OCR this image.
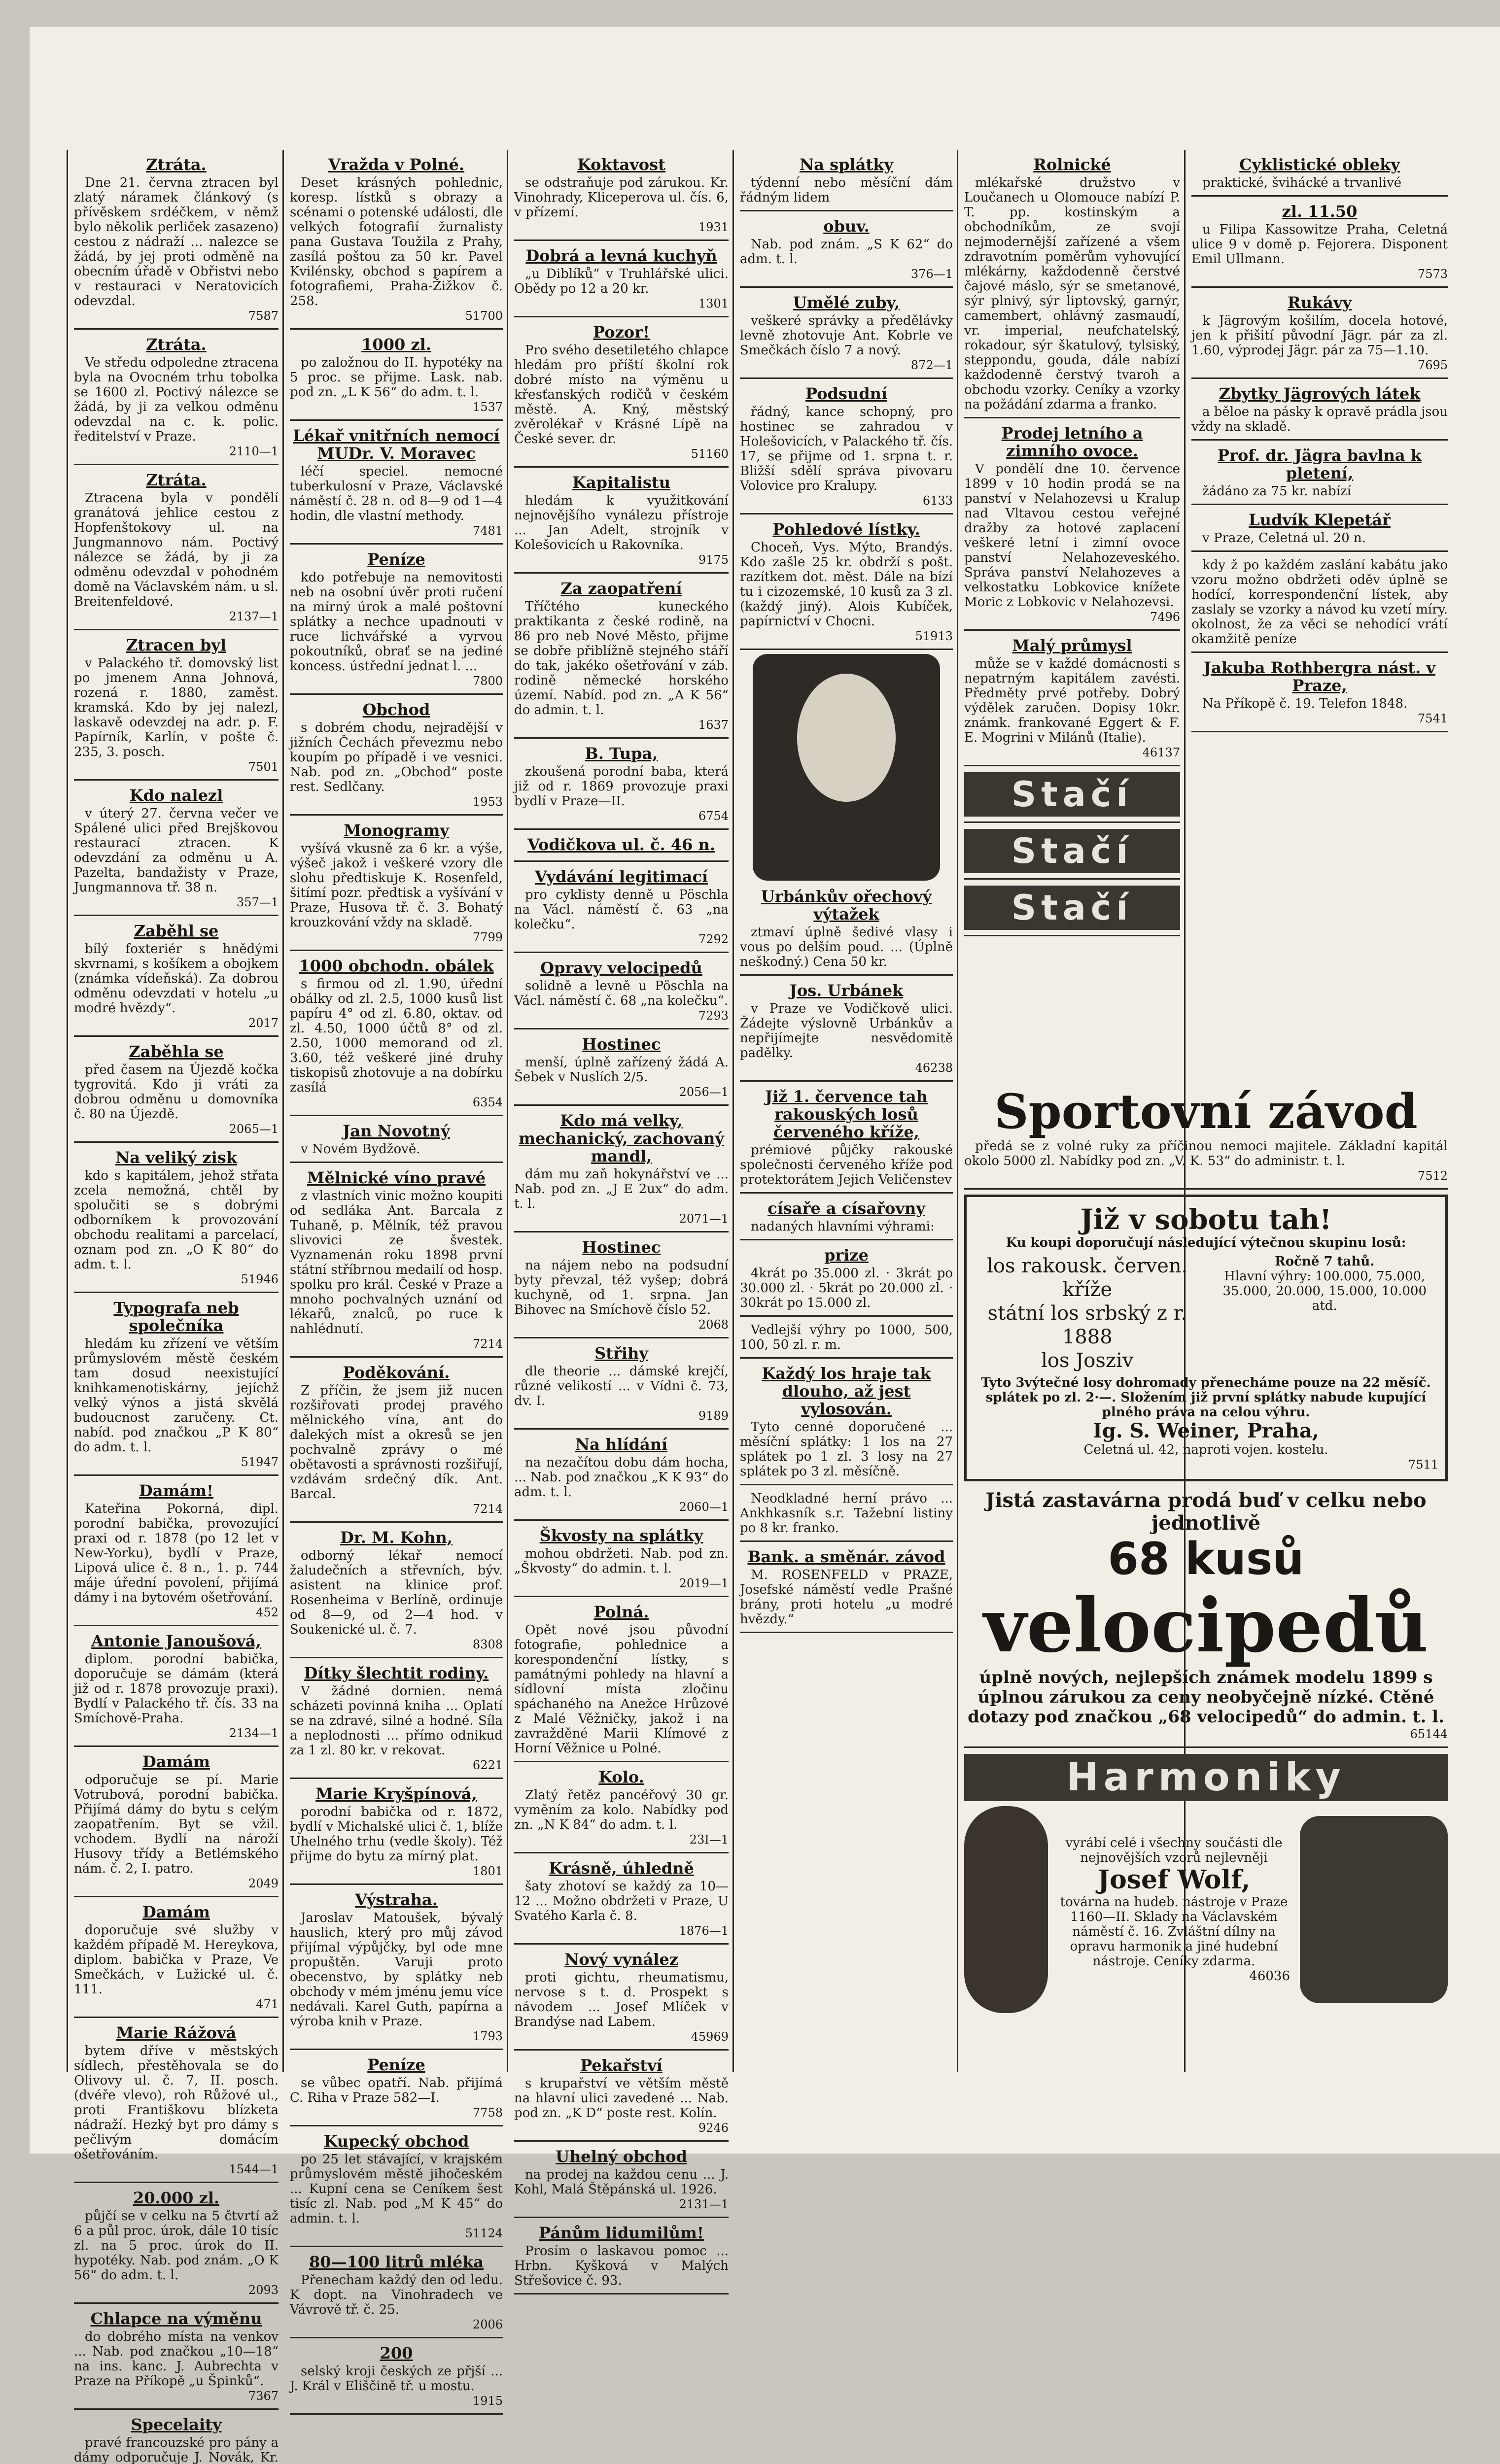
Ztráta.
Dne 21. června ztracen byl zlatý náramek článkový (s přívěskem srdéčkem, v němž bylo několik perliček zasazeno) cestou z nádraží ... nalezce se žádá, by jej proti odměně na obecním úřadě v Obřistvi nebo v restauraci v Neratovicích odevzdal.
7587
Ztráta.
Ve středu odpoledne ztracena byla na Ovocném trhu tobolka se 1600 zl. Poctivý nálezce se žádá, by ji za velkou odměnu odevzdal na c. k. polic. ředitelství v Praze.
2110—1
Ztráta.
Ztracena byla v pondělí granátová jehlice cestou z Hopfenštokovy ul. na Jungmannovo nám. Poctivý nálezce se žádá, by ji za odměnu odevzdal v pohodném domě na Václavském nám. u sl. Breitenfeldové.
2137—1
Ztracen byl
v Palackého tř. domovský list po jmenem Anna Johnová, rozená r. 1880, zaměst. kramská. Kdo by jej nalezl, laskavě odevzdej na adr. p. F. Papírník, Karlín, v pošte č. 235, 3. posch.
7501
Kdo nalezl
v úterý 27. června večer ve Spálené ulici před Brejškovou restaurací ztracen. K odevzdání za odměnu u A. Pazelta, bandažisty v Praze, Jungmannova tř. 38 n.
357—1
Zaběhl se
bílý foxteriér s hnědými skvrnami, s košíkem a obojkem (známka vídeňská). Za dobrou odměnu odevzdati v hotelu „u modré hvězdy“.
2017
Zaběhla se
před časem na Újezdě kočka tygrovitá. Kdo ji vráti za dobrou odměnu u domovníka č. 80 na Újezdě.
2065—1
Na veliký zisk
kdo s kapitálem, jehož střata zcela nemožná, chtěl by spolučiti se s dobrými odborníkem k provozování obchodu realitami a parcelací, oznam pod zn. „O K 80“ do adm. t. l.
51946
Typografa neb společníka
hledám ku zřízení ve větším průmyslovém městě českém tam dosud neexistující knihkamenotiskárny, jejíchž velký výnos a jistá skvělá budoucnost zaručeny. Ct. nabíd. pod značkou „P K 80“ do adm. t. l.
51947
Damám!
Kateřina Pokorná, dipl. porodní babička, provozující praxi od r. 1878 (po 12 let v New-Yorku), bydlí v Praze, Lipová ulice č. 8 n., 1. p. 744 máje úřední povolení, přijímá dámy i na bytovém ošetřování.
452
Antonie Janoušová,
diplom. porodní babička, doporučuje se dámám (která již od r. 1878 provozuje praxi). Bydlí v Palackého tř. čís. 33 na Smíchově-Praha.
2134—1
Damám
odporučuje se pí. Marie Votrubová, porodní babička. Přijímá dámy do bytu s celým zaopatřením. Byt se vžil. vchodem. Bydlí na nároží Husovy třídy a Betlémského nám. č. 2, I. patro.
2049
Damám
doporučuje své služby v každém případě M. Hereykova, diplom. babička v Praze, Ve Smečkách, v Lužické ul. č. 111.
471
Marie Rážová
bytem dříve v městských sídlech, přestěhovala se do Olivovy ul. č. 7, II. posch. (dvéře vlevo), roh Růžové ul., proti Františkovu blízketa nádraží. Hezký byt pro dámy s pečlivým domácím ošetřováním.
1544—1
20.000 zl.
půjčí se v celku na 5 čtvrtí až 6 a půl proc. úrok, dále 10 tisíc zl. na 5 proc. úrok do II. hypotéky. Nab. pod znám. „O K 56“ do adm. t. l.
2093
Chlapce na výměnu
do dobrého místa na venkov ... Nab. pod značkou „10—18“ na ins. kanc. J. Aubrechta v Praze na Příkopě „u Špinků“.
7367
Specelaity
pravé francouzské pro pány a dámy odporučuje J. Novák, Kr.
Vražda v Polné.
Deset krásných pohlednic, koresp. lístků s obrazy a scénami o potenské události, dle velkých fotografií žurnalisty pana Gustava Toužila z Prahy, zasílá poštou za 50 kr. Pavel Kvilénsky, obchod s papírem a fotografiemi, Praha-Žižkov č. 258.
51700
1000 zl.
po založnou do II. hypotéky na 5 proc. se přijme. Lask. nab. pod zn. „L K 56“ do adm. t. l.
1537
Lékař vnitřních nemocí MUDr. V. Moravec
léčí speciel. nemocné tuberkulosní v Praze, Václavské náměstí č. 28 n. od 8—9 od 1—4 hodin, dle vlastní methody.
7481
Peníze
kdo potřebuje na nemovitosti neb na osobní úvěr proti ručení na mírný úrok a malé poštovní splátky a nechce upadnouti v ruce lichvářské a vyrvou pokoutníků, obrať se na jediné koncess. ústřední jednat l. ...
7800
Obchod
s dobrém chodu, nejradější v jižních Čechách převezmu nebo koupím po případě i ve vesnici. Nab. pod zn. „Obchod“ poste rest. Sedlčany.
1953
Monogramy
vyšívá vkusně za 6 kr. a výše, výšeč jakož i veškeré vzory dle slohu předtiskuje K. Rosenfeld, šitímí pozr. předtisk a vyšívání v Praze, Husova tř. č. 3. Bohatý krouzkování vždy na skladě.
7799
1000 obchodn. obálek
s firmou od zl. 1.90, úřední obálky od zl. 2.5, 1000 kusů list papíru 4° od zl. 6.80, oktav. od zl. 4.50, 1000 účtů 8° od zl. 2.50, 1000 memorand od zl. 3.60, též veškeré jiné druhy tiskopisů zhotovuje a na dobírku zasílá
6354
Jan Novotný
v Novém Bydžově.
Mělnické víno pravé
z vlastních vinic možno koupiti od sedláka Ant. Barcala z Tuhaně, p. Mělník, též pravou slivovici ze švestek. Vyznamenán roku 1898 první státní stříbrnou medailí od hosp. spolku pro král. České v Praze a mnoho pochvalných uznání od lékařů, znalců, po ruce k nahlédnutí.
7214
Poděkování.
Z příčin, že jsem již nucen rozšiřovati prodej pravého mělnického vína, ant do dalekých míst a okresů se jen pochvalně zprávy o mé obětavosti a správnosti rozšiřují, vzdávám srdečný dík. Ant. Barcal.
7214
Dr. M. Kohn,
odborný lékař nemocí žaludečních a střevních, býv. asistent na klinice prof. Rosenheima v Berlíně, ordinuje od 8—9, od 2—4 hod. v Soukenické ul. č. 7.
8308
Dítky šlechtit rodiny.
V žádné dornien. nemá scházeti povinná kniha ... Oplatí se na zdravé, silné a hodné. Síla a neplodnosti ... přímo odnikud za 1 zl. 80 kr. v rekovat.
6221
Marie Kryšpínová,
porodní babička od r. 1872, bydlí v Michalské ulici č. 1, blíže Uhelného trhu (vedle školy). Též přijme do bytu za mírný plat.
1801
Výstraha.
Jaroslav Matoušek, bývalý hauslich, který pro můj závod přijímal výpůjčky, byl ode mne propuštěn. Varuji proto obecenstvo, by splátky neb obchody v mém jménu jemu více nedávali. Karel Guth, papírna a výroba knih v Praze.
1793
Peníze
se vůbec opatří. Nab. přijímá C. Riha v Praze 582—I.
7758
Kupecký obchod
po 25 let stávající, v krajském průmyslovém městě jihočeském ... Kupní cena se Ceníkem šest tisíc zl. Nab. pod „M K 45“ do admin. t. l.
51124
80—100 litrů mléka
Přenecham každý den od ledu. K dopt. na Vinohradech ve Vávrově tř. č. 25.
2006
200
selský kroji českých ze přjší ... J. Král v Eliščině tř. u mostu.
1915
Koktavost
se odstraňuje pod zárukou. Kr. Vinohrady, Kliceperova ul. čís. 6, v přízemí.
1931
Dobrá a levná kuchyň
„u Diblíků“ v Truhlářské ulici. Obědy po 12 a 20 kr.
1301
Pozor!
Pro svého desetiletého chlapce hledám pro příští školní rok dobré místo na výměnu u křesťanských rodičů v českém městě. A. Kný, městský zvěrolékař v Krásné Lípě na České sever. dr.
51160
Kapitalistu
hledám k využitkování nejnovějšího vynálezu přístroje ... Jan Adelt, strojník v Kolešovicích u Rakovníka.
9175
Za zaopatření
Tříčtého kuneckého praktikanta z české rodině, na 86 pro neb Nové Město, přijme se dobře přiblížně stejného stáří do tak, jakéko ošetřování v záb. rodině německé horského území. Nabíd. pod zn. „A K 56“ do admin. t. l.
1637
B. Tupa,
zkoušená porodní baba, která již od r. 1869 provozuje praxi bydlí v Praze—II.
6754
Vodičkova ul. č. 46 n.
Vydávání legitimací
pro cyklisty denně u Pöschla na Václ. náměstí č. 63 „na kolečku“.
7292
Opravy velocipedů
solidně a levně u Pöschla na Václ. náměstí č. 68 „na kolečku“.
7293
Hostinec
menší, úplně zařízený žádá A. Šebek v Nuslích 2/5.
2056—1
Kdo má velky, mechanický, zachovaný mandl,
dám mu zaň hokynářství ve ... Nab. pod zn. „J E 2ux“ do adm. t. l.
2071—1
Hostinec
na nájem nebo na podsudní byty převzal, též vyšep; dobrá kuchyně, od 1. srpna. Jan Bihovec na Smíchově číslo 52.
2068
Střihy
dle theorie ... dámské krejčí, různé velikostí ... v Vídni č. 73, dv. I.
9189
Na hlídání
na nezačítou dobu dám hocha, ... Nab. pod značkou „K K 93“ do adm. t. l.
2060—1
Škvosty na splátky
mohou obdržeti. Nab. pod zn. „Škvosty“ do admin. t. l.
2019—1
Polná.
Opět nové jsou původní fotografie, pohlednice a korespondenční lístky, s památnými pohledy na hlavní a sídlovní místa zločinu spáchaného na Anežce Hrůzové z Malé Věžničky, jakož i na zavražděné Marii Klímové z Horní Věžnice u Polné.
Kolo.
Zlatý řetěz pancéřový 30 gr. vyměním za kolo. Nabídky pod zn. „N K 84“ do adm. t. l.
23I—1
Krásně, úhledně
šaty zhotoví se každý za 10—12 ... Možno obdržeti v Praze, U Svatého Karla č. 8.
1876—1
Nový vynález
proti gichtu, rheumatismu, nervose s t. d. Prospekt s návodem ... Josef Mlíček v Brandýse nad Labem.
45969
Pekařství
s krupařství ve větším městě na hlavní ulici zavedené ... Nab. pod zn. „K D“ poste rest. Kolín.
9246
Uhelný obchod
na prodej na každou cenu ... J. Kohl, Malá Štěpánská ul. 1926.
2131—1
Pánům lidumilům!
Prosím o laskavou pomoc ... Hrbn. Kyšková v Malých Střešovice č. 93.
Na splátky
týdenní nebo měsíční dám řádným lidem
obuv.
Nab. pod znám. „S K 62“ do adm. t. l.
376—1
Umělé zuby,
veškeré správky a předělávky levně zhotovuje Ant. Kobrle ve Smečkách číslo 7 a nový.
872—1
Podsudní
řádný, kance schopný, pro hostinec se zahradou v Holešovicích, v Palackého tř. čís. 17, se přijme od 1. srpna t. r. Bližší sdělí správa pivovaru Volovice pro Kralupy.
6133
Pohledové lístky.
Choceň, Vys. Mýto, Brandýs. Kdo zašle 25 kr. obdrží s pošt. razítkem dot. měst. Dále na bízí tu i cizozemské, 10 kusů za 3 zl. (každý jiný). Alois Kubíček, papírnictví v Chocni.
51913
Urbánkův ořechový výtažek
ztmaví úplně šedivé vlasy i vous po delším poud. ... (Úplně neškodný.) Cena 50 kr.
Jos. Urbánek
v Praze ve Vodičkově ulici. Žádejte výslovně Urbánkův a nepřijímejte nesvědomitě padělky.
46238
Již 1. července tah rakouských losů červeného kříže,
prémiové půjčky rakouské společnosti červeného kříže pod protektorátem Jejich Veličenstev
císaře a císařovny
nadaných hlavními výhrami:
prize
4krát po 35.000 zl. · 3krát po 30.000 zl. · 5krát po 20.000 zl. · 30krát po 15.000 zl.
Vedlejší výhry po 1000, 500, 100, 50 zl. r. m.
Každý los hraje tak dlouho, až jest vylosován.
Tyto cenné doporučené ... měsíční splátky: 1 los na 27 splátek po 1 zl. 3 losy na 27 splátek po 3 zl. měsíčně.
Neodkladné herní právo ... Ankhkasník s.r. Tažební listiny po 8 kr. franko.
Bank. a směnár. závod
M. ROSENFELD v PRAZE, Josefské náměstí vedle Prašné brány, proti hotelu „u modré hvězdy.“
Rolnické
mlékařské družstvo v Loučanech u Olomouce nabízí P. T. pp. kostinským a obchodníkům, ze svojí nejmodernější zařízené a všem zdravotním poměrům vyhovující mlékárny, každodenně čerstvé čajové máslo, sýr se smetanové, sýr plnivý, sýr liptovský, garnýr, camembert, ohlávný zasmaudí, vr. imperial, neufchatelský, rokadour, sýr škatulový, tylsiský, steppondu, gouda, dále nabízí každodenně čerstvý tvaroh a obchodu vzorky. Ceníky a vzorky na požádání zdarma a franko.
Prodej letního a zimního ovoce.
V pondělí dne 10. července 1899 v 10 hodin prodá se na panství v Nelahozevsi u Kralup nad Vltavou cestou veřejné dražby za hotové zaplacení veškeré letní i zimní ovoce panství Nelahozeveského. Správa panství Nelahozeves a velkostatku Lobkovice knížete Moric z Lobkovic v Nelahozevsi.
7496
Malý průmysl
může se v každé domácnosti s nepatrným kapitálem zavésti. Předměty prvé potřeby. Dobrý výdělek zaručen. Dopisy 10kr. známk. frankované Eggert & F. E. Mogrini v Milánů (Italie).
46137
Stačí
Stačí
Stačí
Cyklistické obleky
praktické, švihácké a trvanlivé
zl. 11.50
u Filipa Kassowitze Praha, Celetná ulice 9 v domě p. Fejorera. Disponent Emil Ullmann.
7573
Rukávy
k Jägrovým košilím, docela hotové, jen k přišití původní Jägr. pár za zl. 1.60, výprodej Jägr. pár za 75—1.10.
7695
Zbytky Jägrových látek
a běloe na pásky k opravě prádla jsou vždy na skladě.
Prof. dr. Jägra bavlna k pletení,
žádáno za 75 kr. nabízí
Ludvík Klepetář
v Praze, Celetná ul. 20 n.
kdy ž po každém zaslání kabátu jako vzoru možno obdržeti oděv úplně se hodící, korrespondenční lístek, aby zaslaly se vzorky a návod ku vzetí míry. okolnost, že za věci se nehodící vrátí okamžitě peníze
Jakuba Rothbergra nást. v Praze,
Na Příkopě č. 19. Telefon 1848.
7541
Sportovní závod
předá se z volné ruky za příčinou nemoci majitele. Základní kapitál okolo 5000 zl. Nabídky pod zn. „V. K. 53“ do administr. t. l.
7512
Již v sobotu tah!
Ku koupi doporučují následující výtečnou skupinu losů:
los rakousk. červen. kříže
státní los srbský z r. 1888
los Josziv
Ročně 7 tahů.
Hlavní výhry: 100.000, 75.000, 35.000, 20.000, 15.000, 10.000 atd.
Tyto 3výtečné losy dohromady přenecháme pouze na 22 měsíč. splátek po zl. 2·—. Složením již první splátky nabude kupující plného práva na celou výhru.
Ig. S. Weiner, Praha,
Celetná ul. 42, naproti vojen. kostelu.
7511
Jistá zastavárna prodá buď v celku nebo jednotlivě
68 kusů
velocipedů
úplně nových, nejlepších známek modelu 1899 s úplnou zárukou za ceny neobyčejně nízké. Ctěné dotazy pod značkou „68 velocipedů“ do admin. t. l.
65144
Harmoniky
vyrábí celé i všechny součásti dle nejnovějších vzorů nejlevněji
Josef Wolf,
továrna na hudeb. nástroje v Praze 1160—II. Sklady na Václavském náměstí č. 16. Zvláštní dílny na opravu harmonik a jiné hudební nástroje. Ceníky zdarma.
46036
